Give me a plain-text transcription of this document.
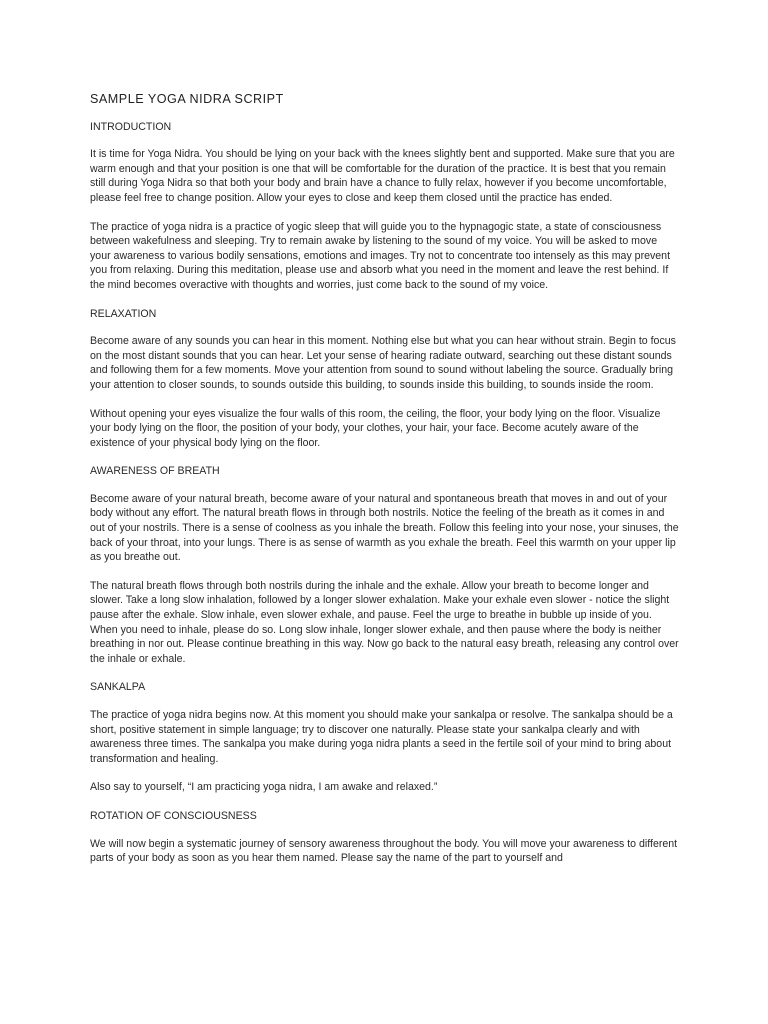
SAMPLE YOGA NIDRA SCRIPT
INTRODUCTION

It is time for Yoga Nidra. You should be lying on your back with the knees slightly bent and supported. Make sure that you are warm enough and that your position is one that will be comfortable for the duration of the practice. It is best that you remain still during Yoga Nidra so that both your body and brain have a chance to fully relax, however if you become uncomfortable, please feel free to change position. Allow your eyes to close and keep them closed until the practice has ended.

The practice of yoga nidra is a practice of yogic sleep that will guide you to the hypnagogic state, a state of consciousness between wakefulness and sleeping. Try to remain awake by listening to the sound of my voice. You will be asked to move your awareness to various bodily sensations, emotions and images. Try not to concentrate too intensely as this may prevent you from relaxing. During this meditation, please use and absorb what you need in the moment and leave the rest behind. If the mind becomes overactive with thoughts and worries, just come back to the sound of my voice.

RELAXATION

Become aware of any sounds you can hear in this moment. Nothing else but what you can hear without strain. Begin to focus on the most distant sounds that you can hear. Let your sense of hearing radiate outward, searching out these distant sounds and following them for a few moments. Move your attention from sound to sound without labeling the source. Gradually bring your attention to closer sounds, to sounds outside this building, to sounds inside this building, to sounds inside the room.

Without opening your eyes visualize the four walls of this room, the ceiling, the floor, your body lying on the floor. Visualize your body lying on the floor, the position of your body, your clothes, your hair, your face. Become acutely aware of the existence of your physical body lying on the floor.

AWARENESS OF BREATH

Become aware of your natural breath, become aware of your natural and spontaneous breath that moves in and out of your body without any effort. The natural breath flows in through both nostrils. Notice the feeling of the breath as it comes in and out of your nostrils. There is a sense of coolness as you inhale the breath. Follow this feeling into your nose, your sinuses, the back of your throat, into your lungs. There is as sense of warmth as you exhale the breath. Feel this warmth on your upper lip as you breathe out.

The natural breath flows through both nostrils during the inhale and the exhale. Allow your breath to become longer and slower. Take a long slow inhalation, followed by a longer slower exhalation. Make your exhale even slower - notice the slight pause after the exhale. Slow inhale, even slower exhale, and pause. Feel the urge to breathe in bubble up inside of you. When you need to inhale, please do so. Long slow inhale, longer slower exhale, and then pause where the body is neither breathing in nor out. Please continue breathing in this way. Now go back to the natural easy breath, releasing any control over the inhale or exhale.

SANKALPA

The practice of yoga nidra begins now. At this moment you should make your sankalpa or resolve. The sankalpa should be a short, positive statement in simple language; try to discover one naturally. Please state your sankalpa clearly and with awareness three times. The sankalpa you make during yoga nidra plants a seed in the fertile soil of your mind to bring about transformation and healing.

Also say to yourself, “I am practicing yoga nidra, I am awake and relaxed.”

ROTATION OF CONSCIOUSNESS

We will now begin a systematic journey of sensory awareness throughout the body. You will move your awareness to different parts of your body as soon as you hear them named. Please say the name of the part to yourself and
